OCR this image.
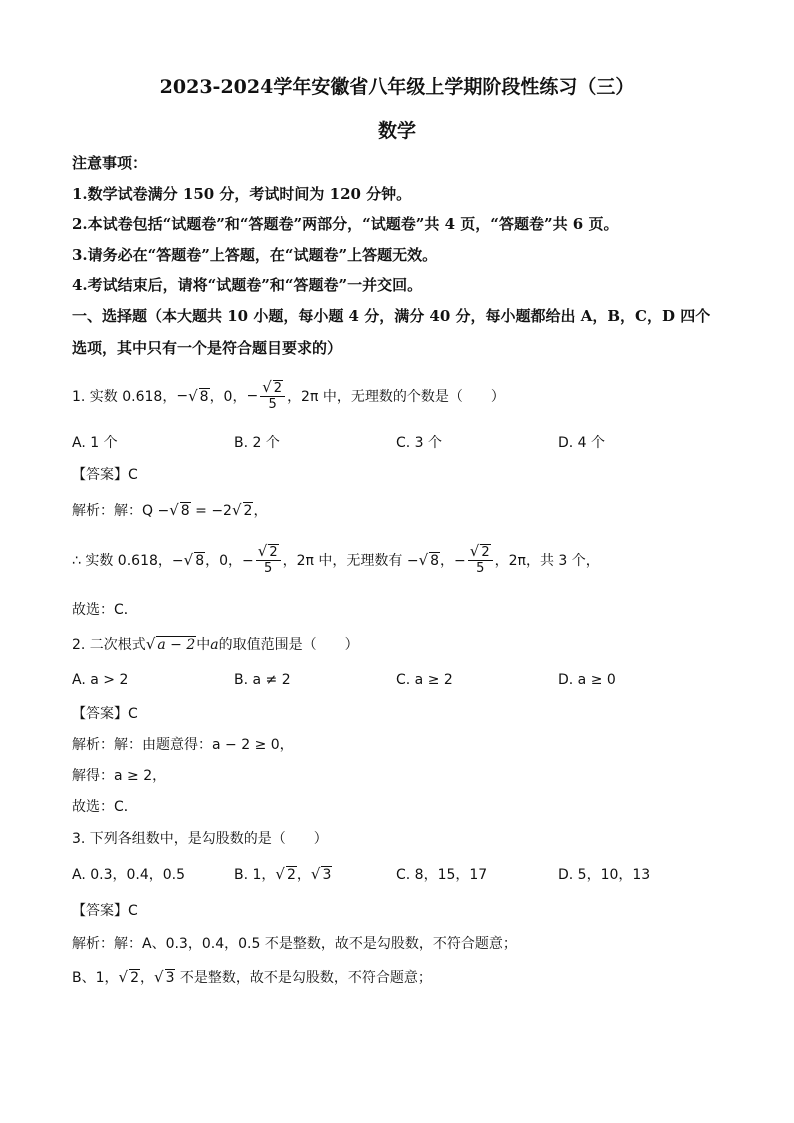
2023-2024学年安徽省八年级上学期阶段性练习（三）
数学
注意事项：
1.数学试卷满分 150 分，考试时间为 120 分钟。
2.本试卷包括“试题卷”和“答题卷”两部分，“试题卷”共 4 页，“答题卷”共 6 页。
3.请务必在“答题卷”上答题，在“试题卷”上答题无效。
4.考试结束后，请将“试题卷”和“答题卷”一并交回。
一、选择题（本大题共 10 小题，每小题 4 分，满分 40 分，每小题都给出 A，B，C，D 四个
选项，其中只有一个是符合题目要求的）
1. 实数 0.618， − √ 8 ，0， − $\frac{√ 2}{5}$ ，2π 中，无理数的个数是（　　）
A. 1 个	B. 2 个	C. 3 个	D. 4 个
【答案】C
解析：解：Q −√ 8 = −2√ 2，
∴ 实数 0.618，− √ 8 ，0，− $\frac{√ 2}{5}$ ，2π 中，无理数有 − √ 8 ，− $\frac{√ 2}{5}$ ，2π，共 3 个，
故选：C．
2. 二次根式√ a − 2中a的取值范围是（　　）
A. a > 2	B. a ≠ 2	C. a ≥ 2	D. a ≥ 0
【答案】C
解析：解：由题意得：a − 2 ≥ 0，
解得：a ≥ 2，
故选：C．
3. 下列各组数中，是勾股数的是（　　）
A. 0.3，0.4，0.5	B. 1，√ 2，√ 3	C. 8，15，17	D. 5，10，13
【答案】C
解析：解：A、0.3，0.4，0.5 不是整数，故不是勾股数，不符合题意；
B、1，√ 2，√ 3 不是整数，故不是勾股数，不符合题意；
